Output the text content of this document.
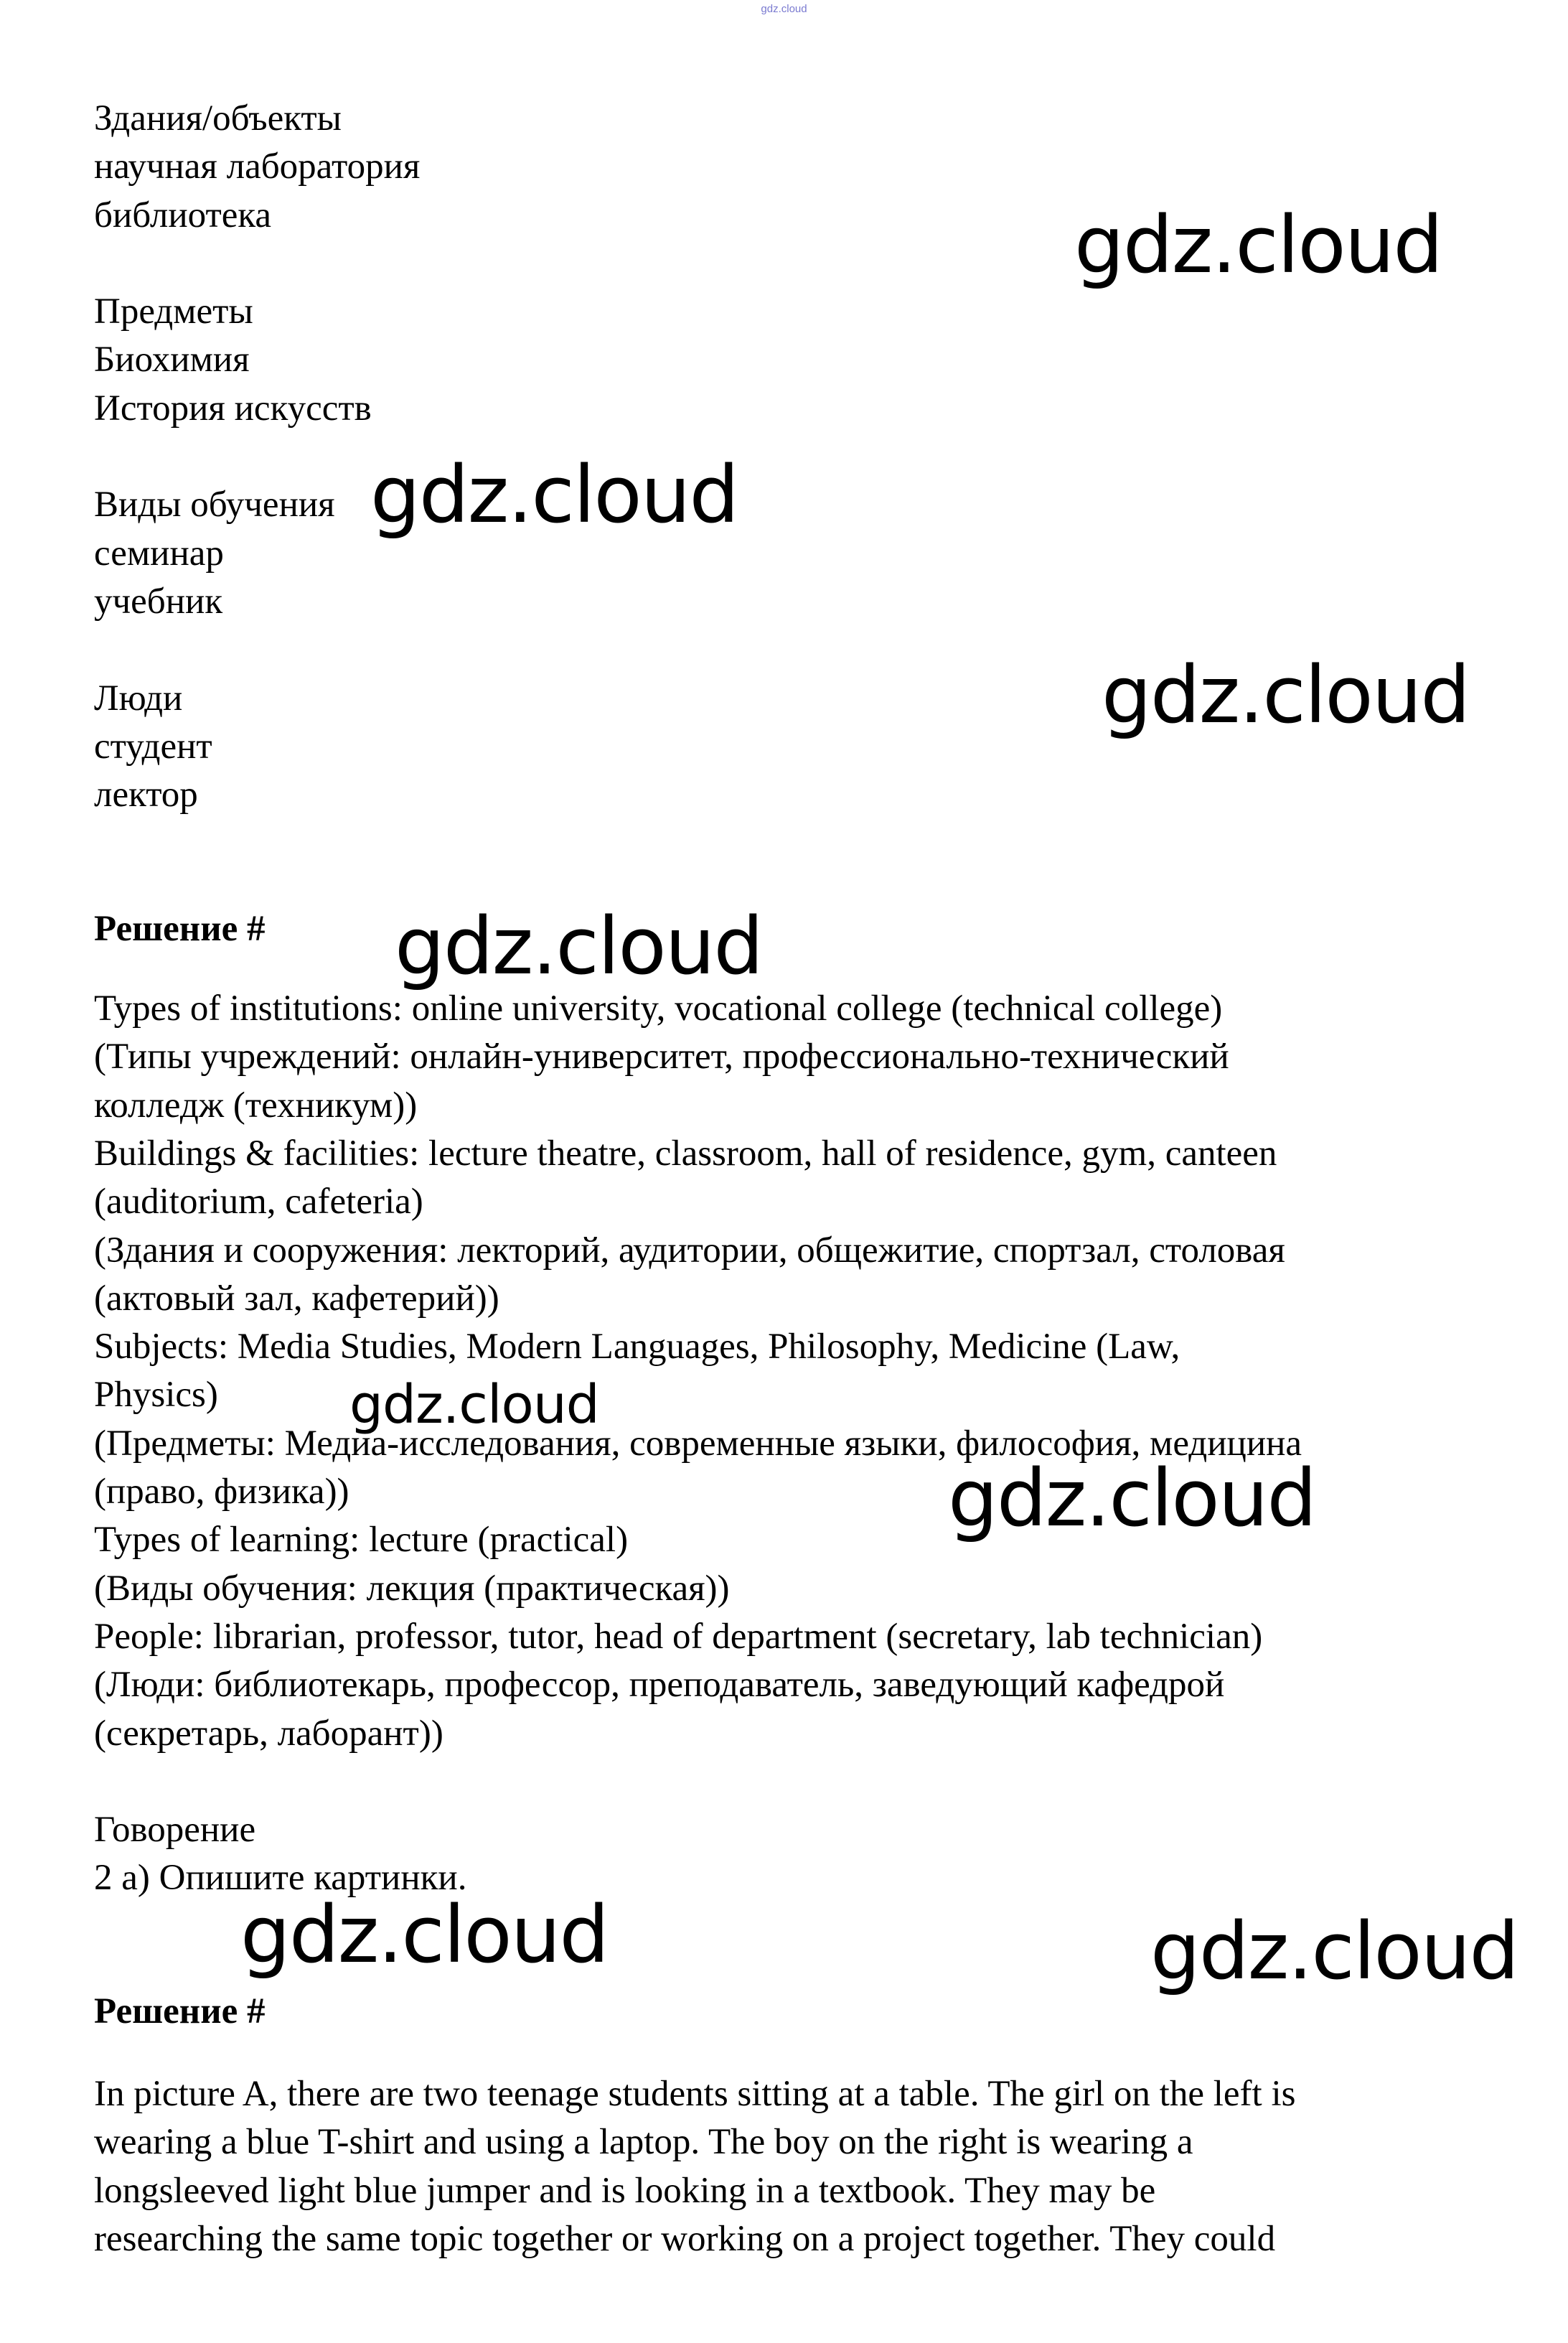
gdz.cloud
Здания/объекты
научная лаборатория
библиотека
Предметы
Биохимия
История искусств
Виды обучения
семинар
учебник
Люди
студент
лектор
Решение #
Types of institutions: online university, vocational college (technical college)
(Типы учреждений: онлайн-университет, профессионально-технический
колледж (техникум))
Buildings & facilities: lecture theatre, classroom, hall of residence, gym, canteen
(auditorium, cafeteria)
(Здания и сооружения: лекторий, аудитории, общежитие, спортзал, столовая
(актовый зал, кафетерий))
Subjects: Media Studies, Modern Languages, Philosophy, Medicine (Law,
Physics)
(Предметы: Медиа-исследования, современные языки, философия, медицина
(право, физика))
Types of learning: lecture (practical)
(Виды обучения: лекция (практическая))
People: librarian, professor, tutor, head of department (secretary, lab technician)
(Люди: библиотекарь, профессор, преподаватель, заведующий кафедрой
(секретарь, лаборант))
Говорение
2 a) Опишите картинки.
Решение #
In picture A, there are two teenage students sitting at a table. The girl on the left is
wearing a blue T-shirt and using a laptop. The boy on the right is wearing a
longsleeved light blue jumper and is looking in a textbook. They may be
researching the same topic together or working on a project together. They could
gdz.cloud
gdz.cloud
gdz.cloud
gdz.cloud
gdz.cloud
gdz.cloud
gdz.cloud	gdz.cloud
